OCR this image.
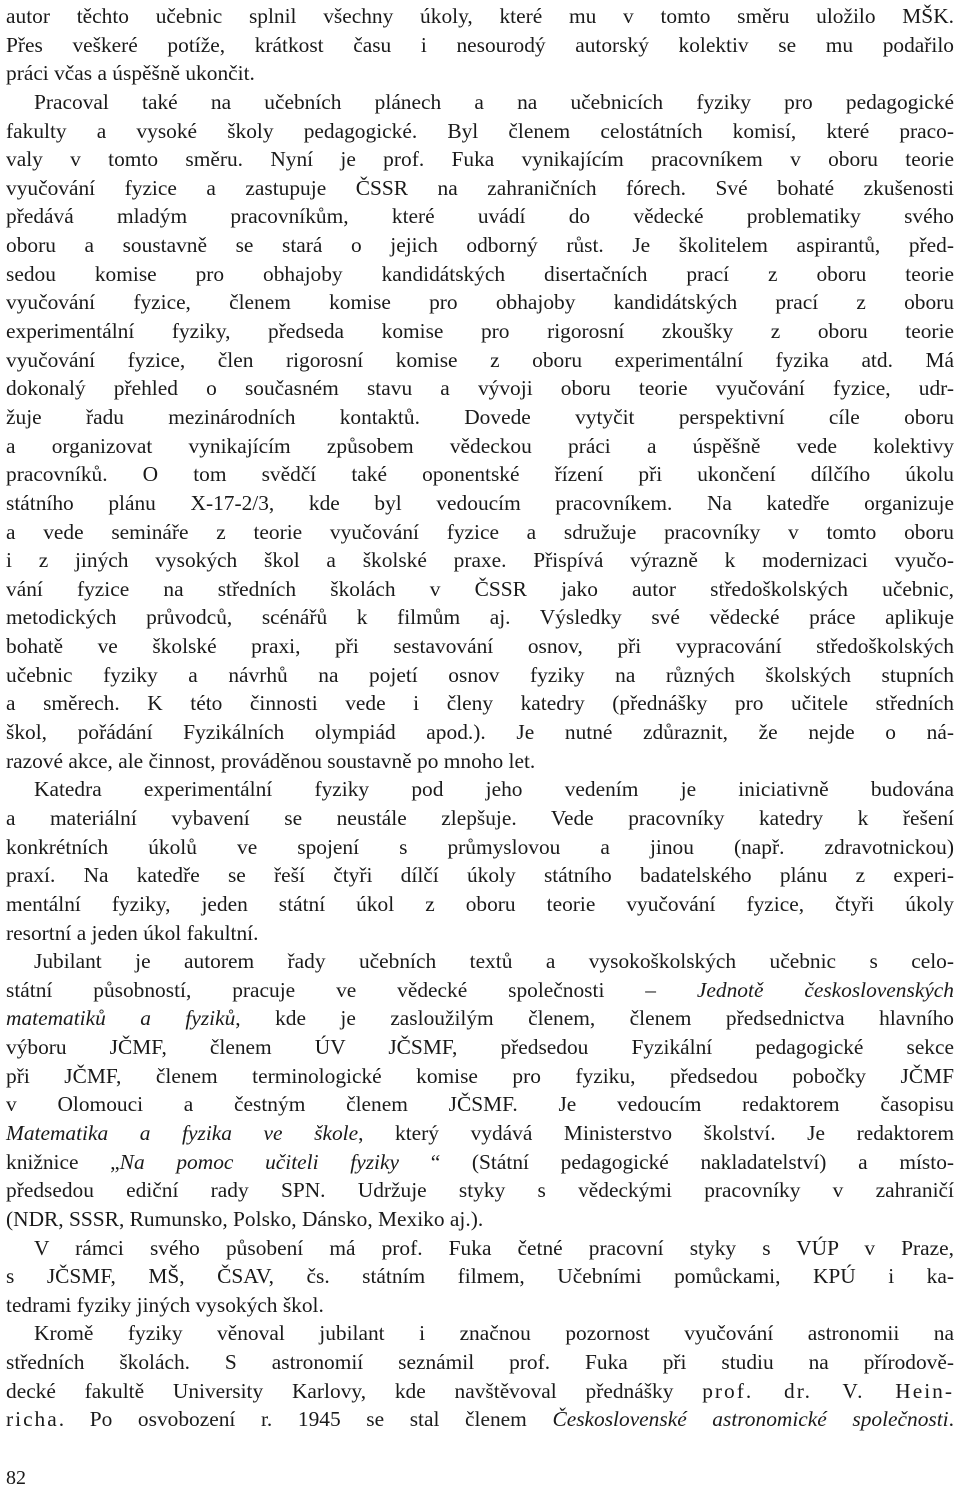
autor těchto učebnic splnil všechny úkoly, které mu v tomto směru uložilo MŠK.
Přes veškeré potíže, krátkost času i nesourodý autorský kolektiv se mu podařilo
práci včas a úspěšně ukončit.
Pracoval také na učebních plánech a na učebnicích fyziky pro pedagogické
fakulty a vysoké školy pedagogické. Byl členem celostátních komisí, které praco-
valy v tomto směru. Nyní je prof. Fuka vynikajícím pracovníkem v oboru teorie
vyučování fyzice a zastupuje ČSSR na zahraničních fórech. Své bohaté zkušenosti
předává mladým pracovníkům, které uvádí do vědecké problematiky svého
oboru a soustavně se stará o jejich odborný růst. Je školitelem aspirantů, před-
sedou komise pro obhajoby kandidátských disertačních prací z oboru teorie
vyučování fyzice, členem komise pro obhajoby kandidátských prací z oboru
experimentální fyziky, předseda komise pro rigorosní zkoušky z oboru teorie
vyučování fyzice, člen rigorosní komise z oboru experimentální fyzika atd. Má
dokonalý přehled o současném stavu a vývoji oboru teorie vyučování fyzice, udr-
žuje řadu mezinárodních kontaktů. Dovede vytyčit perspektivní cíle oboru
a organizovat vynikajícím způsobem vědeckou práci a úspěšně vede kolektivy
pracovníků. O tom svědčí také oponentské řízení při ukončení dílčího úkolu
státního plánu X-17-2/3, kde byl vedoucím pracovníkem. Na katedře organizuje
a vede semináře z teorie vyučování fyzice a sdružuje pracovníky v tomto oboru
i z jiných vysokých škol a školské praxe. Přispívá výrazně k modernizaci vyučo-
vání fyzice na středních školách v ČSSR jako autor středoškolských učebnic,
metodických průvodců, scénářů k filmům aj. Výsledky své vědecké práce aplikuje
bohatě ve školské praxi, při sestavování osnov, při vypracování středoškolských
učebnic fyziky a návrhů na pojetí osnov fyziky na různých školských stupních
a směrech. K této činnosti vede i členy katedry (přednášky pro učitele středních
škol, pořádání Fyzikálních olympiád apod.). Je nutné zdůraznit, že nejde o ná-
razové akce, ale činnost, prováděnou soustavně po mnoho let.
Katedra experimentální fyziky pod jeho vedením je iniciativně budována
a materiální vybavení se neustále zlepšuje. Vede pracovníky katedry k řešení
konkrétních úkolů ve spojení s průmyslovou a jinou (např. zdravotnickou)
praxí. Na katedře se řeší čtyři dílčí úkoly státního badatelského plánu z experi-
mentální fyziky, jeden státní úkol z oboru teorie vyučování fyzice, čtyři úkoly
resortní a jeden úkol fakultní.
Jubilant je autorem řady učebních textů a vysokoškolských učebnic s celo-
státní působností, pracuje ve vědecké společnosti – Jednotě československých
matematiků a fyziků, kde je zasloužilým členem, členem předsednictva hlavního
výboru JČMF, členem ÚV JČSMF, předsedou Fyzikální pedagogické sekce
při JČMF, členem terminologické komise pro fyziku, předsedou pobočky JČMF
v Olomouci a čestným členem JČSMF. Je vedoucím redaktorem časopisu
Matematika a fyzika ve škole, který vydává Ministerstvo školství. Je redaktorem
knižnice „Na pomoc učiteli fyziky “ (Státní pedagogické nakladatelství) a místo-
předsedou ediční rady SPN. Udržuje styky s vědeckými pracovníky v zahraničí
(NDR, SSSR, Rumunsko, Polsko, Dánsko, Mexiko aj.).
V rámci svého působení má prof. Fuka četné pracovní styky s VÚP v Praze,
s JČSMF, MŠ, ČSAV, čs. státním filmem, Učebními pomůckami, KPÚ i ka-
tedrami fyziky jiných vysokých škol.
Kromě fyziky věnoval jubilant i značnou pozornost vyučování astronomii na
středních školách. S astronomií seznámil prof. Fuka při studiu na přírodově-
decké fakultě University Karlovy, kde navštěvoval přednášky prof. dr. V. Hein-
richa. Po osvobození r. 1945 se stal členem Československé astronomické společnosti.
82
